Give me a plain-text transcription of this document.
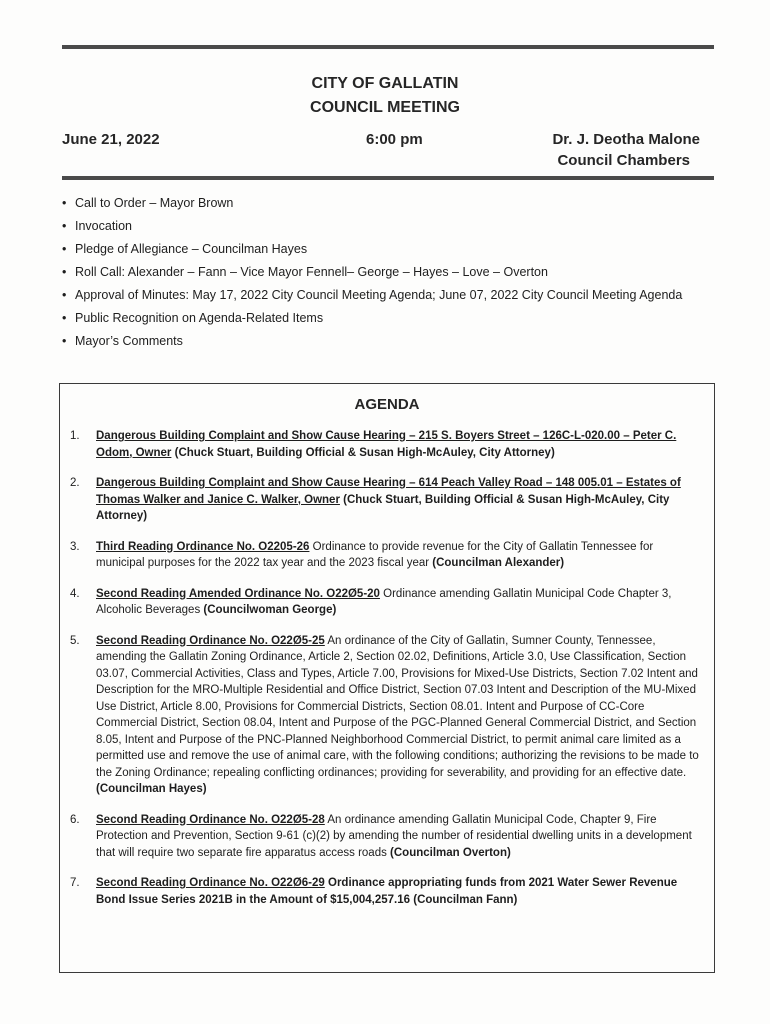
CITY OF GALLATIN
COUNCIL MEETING
June 21, 2022	6:00 pm	Dr. J. Deotha Malone
Council Chambers
• Call to Order – Mayor Brown
• Invocation
• Pledge of Allegiance – Councilman Hayes
• Roll Call: Alexander – Fann – Vice Mayor Fennell– George – Hayes – Love – Overton
• Approval of Minutes: May 17, 2022 City Council Meeting Agenda; June 07, 2022 City Council Meeting Agenda
• Public Recognition on Agenda-Related Items
• Mayor’s Comments
AGENDA
1. Dangerous Building Complaint and Show Cause Hearing – 215 S. Boyers Street – 126C-L-020.00 – Peter C. Odom, Owner (Chuck Stuart, Building Official & Susan High-McAuley, City Attorney)
2. Dangerous Building Complaint and Show Cause Hearing – 614 Peach Valley Road – 148 005.01 – Estates of Thomas Walker and Janice C. Walker, Owner (Chuck Stuart, Building Official & Susan High-McAuley, City Attorney)
3. Third Reading Ordinance No. O2205-26 Ordinance to provide revenue for the City of Gallatin Tennessee for municipal purposes for the 2022 tax year and the 2023 fiscal year (Councilman Alexander)
4. Second Reading Amended Ordinance No. O22Ø5-20 Ordinance amending Gallatin Municipal Code Chapter 3, Alcoholic Beverages (Councilwoman George)
5. Second Reading Ordinance No. O22Ø5-25 An ordinance of the City of Gallatin, Sumner County, Tennessee, amending the Gallatin Zoning Ordinance, Article 2, Section 02.02, Definitions, Article 3.0, Use Classification, Section 03.07, Commercial Activities, Class and Types, Article 7.00, Provisions for Mixed-Use Districts, Section 7.02 Intent and Description for the MRO-Multiple Residential and Office District, Section 07.03 Intent and Description of the MU-Mixed Use District, Article 8.00, Provisions for Commercial Districts, Section 08.01. Intent and Purpose of CC-Core Commercial District, Section 08.04, Intent and Purpose of the PGC-Planned General Commercial District, and Section 8.05, Intent and Purpose of the PNC-Planned Neighborhood Commercial District, to permit animal care limited as a permitted use and remove the use of animal care, with the following conditions; authorizing the revisions to be made to the Zoning Ordinance; repealing conflicting ordinances; providing for severability, and providing for an effective date. (Councilman Hayes)
6. Second Reading Ordinance No. O22Ø5-28 An ordinance amending Gallatin Municipal Code, Chapter 9, Fire Protection and Prevention, Section 9-61 (c)(2) by amending the number of residential dwelling units in a development that will require two separate fire apparatus access roads (Councilman Overton)
7. Second Reading Ordinance No. O22Ø6-29 Ordinance appropriating funds from 2021 Water Sewer Revenue Bond Issue Series 2021B in the Amount of $15,004,257.16 (Councilman Fann)
